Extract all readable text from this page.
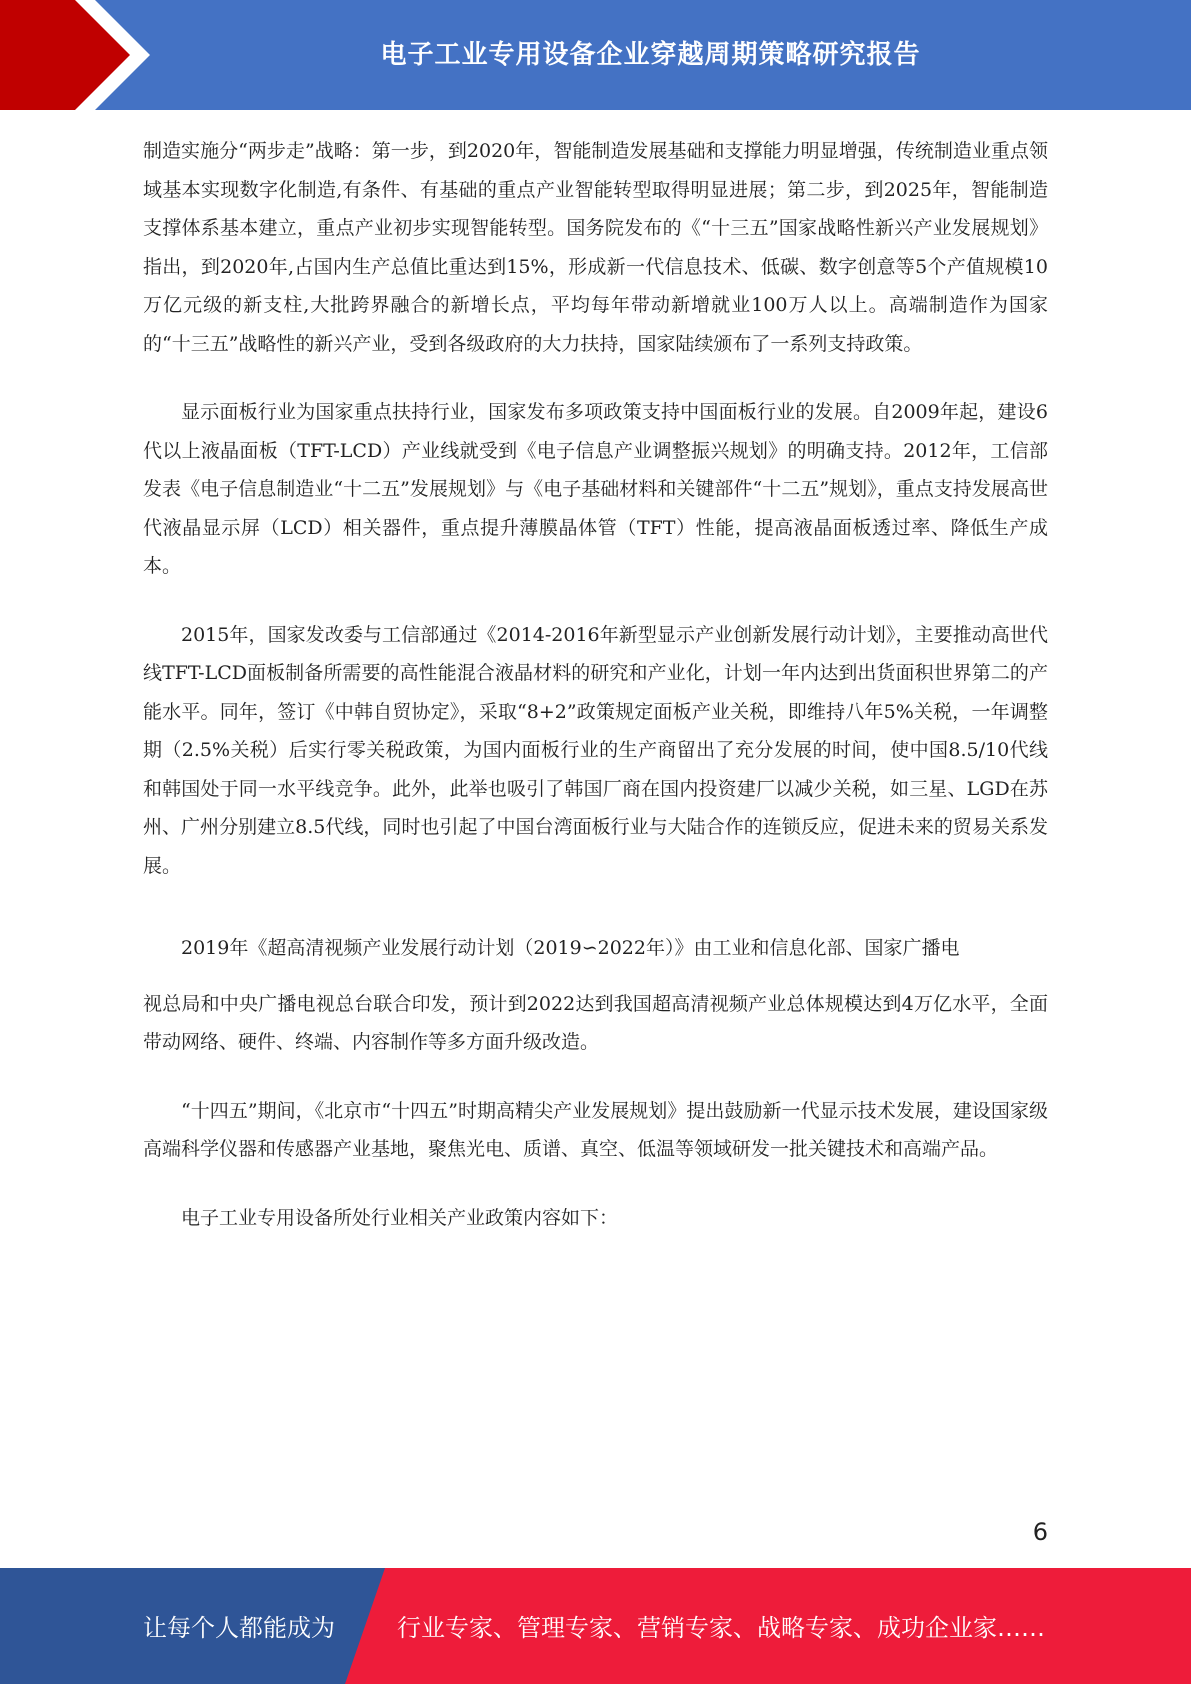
电子工业专用设备企业穿越周期策略研究报告

制造实施分“两步走”战略：第一步，到2020年，智能制造发展基础和支撑能力明显增强，传统制造业重点领域基本实现数字化制造,有条件、有基础的重点产业智能转型取得明显进展；第二步，到2025年，智能制造支撑体系基本建立，重点产业初步实现智能转型。国务院发布的《“十三五”国家战略性新兴产业发展规划》指出，到2020年,占国内生产总值比重达到15%，形成新一代信息技术、低碳、数字创意等5个产值规模10万亿元级的新支柱,大批跨界融合的新增长点，平均每年带动新增就业100万人以上。高端制造作为国家的“十三五”战略性的新兴产业，受到各级政府的大力扶持，国家陆续颁布了一系列支持政策。

显示面板行业为国家重点扶持行业，国家发布多项政策支持中国面板行业的发展。自2009年起，建设6代以上液晶面板（TFT-LCD）产业线就受到《电子信息产业调整振兴规划》的明确支持。2012年，工信部发表《电子信息制造业“十二五”发展规划》与《电子基础材料和关键部件“十二五”规划》，重点支持发展高世代液晶显示屏（LCD）相关器件，重点提升薄膜晶体管（TFT）性能，提高液晶面板透过率、降低生产成本。

2015年，国家发改委与工信部通过《2014-2016年新型显示产业创新发展行动计划》，主要推动高世代线TFT-LCD面板制备所需要的高性能混合液晶材料的研究和产业化，计划一年内达到出货面积世界第二的产能水平。同年，签订《中韩自贸协定》，采取“8+2”政策规定面板产业关税，即维持八年5%关税，一年调整期（2.5%关税）后实行零关税政策，为国内面板行业的生产商留出了充分发展的时间，使中国8.5/10代线和韩国处于同一水平线竞争。此外，此举也吸引了韩国厂商在国内投资建厂以减少关税，如三星、LGD在苏州、广州分别建立8.5代线，同时也引起了中国台湾面板行业与大陆合作的连锁反应，促进未来的贸易关系发展。

2019年《超高清视频产业发展行动计划（2019∽2022年）》由工业和信息化部、国家广播电
视总局和中央广播电视总台联合印发，预计到2022达到我国超高清视频产业总体规模达到4万亿水平，全面带动网络、硬件、终端、内容制作等多方面升级改造。

“十四五”期间，《北京市“十四五”时期高精尖产业发展规划》提出鼓励新一代显示技术发展，建设国家级高端科学仪器和传感器产业基地，聚焦光电、质谱、真空、低温等领域研发一批关键技术和高端产品。

电子工业专用设备所处行业相关产业政策内容如下：

6
让每个人都能成为	行业专家、管理专家、营销专家、战略专家、成功企业家……
